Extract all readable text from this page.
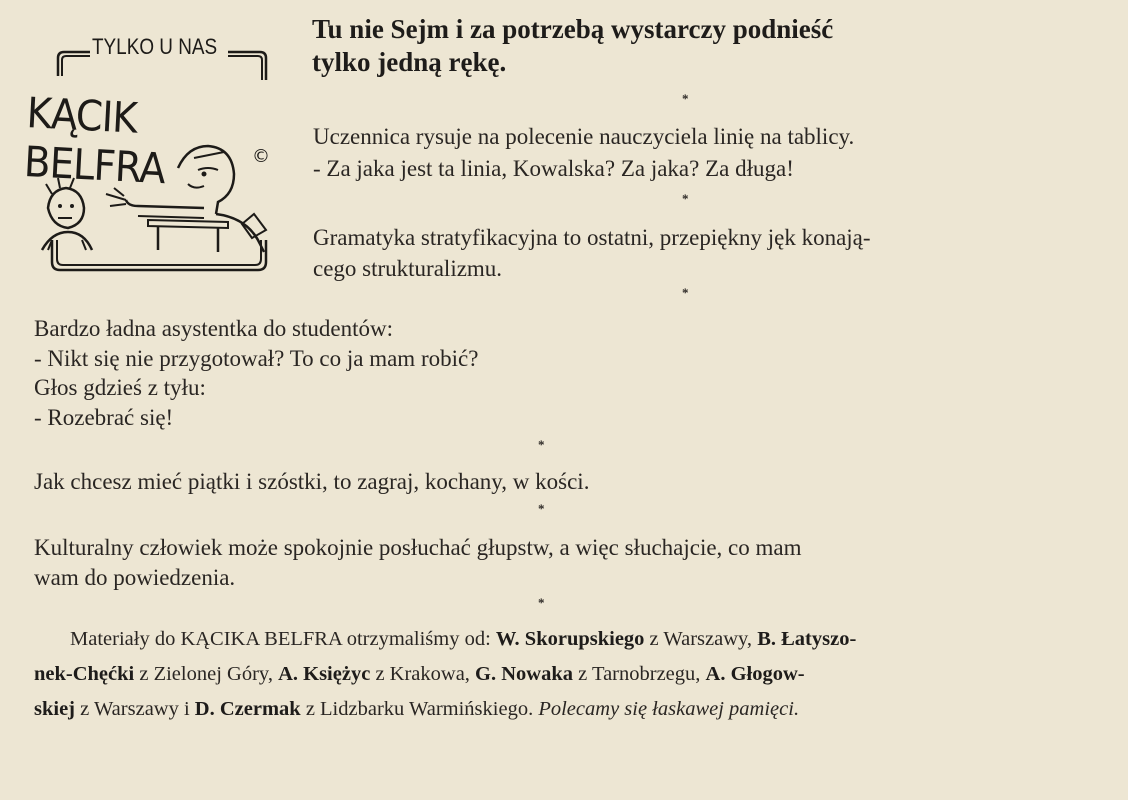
TYLKO U NAS
KĄCIK BELFRA	©
Tu nie Sejm i za potrzebą wystarczy podnieść
tylko jedną rękę.
*
Uczennica rysuje na polecenie nauczyciela linię na tablicy.
- Za jaka jest ta linia, Kowalska? Za jaka? Za długa!
*
Gramatyka stratyfikacyjna to ostatni, przepiękny jęk konają-
cego strukturalizmu.
*
Bardzo ładna asystentka do studentów:
- Nikt się nie przygotował? To co ja mam robić?
Głos gdzieś z tyłu:
- Rozebrać się!
*
Jak chcesz mieć piątki i szóstki, to zagraj, kochany, w kości.
*
Kulturalny człowiek może spokojnie posłuchać głupstw, a więc słuchajcie, co mam
wam do powiedzenia.
*
Materiały do KĄCIKA BELFRA otrzymaliśmy od: W. Skorupskiego z Warszawy, B. Łatyszo-
nek-Chęćki z Zielonej Góry, A. Księżyc z Krakowa, G. Nowaka z Tarnobrzegu, A. Głogow-
skiej z Warszawy i D. Czermak z Lidzbarku Warmińskiego. Polecamy się łaskawej pamięci.
